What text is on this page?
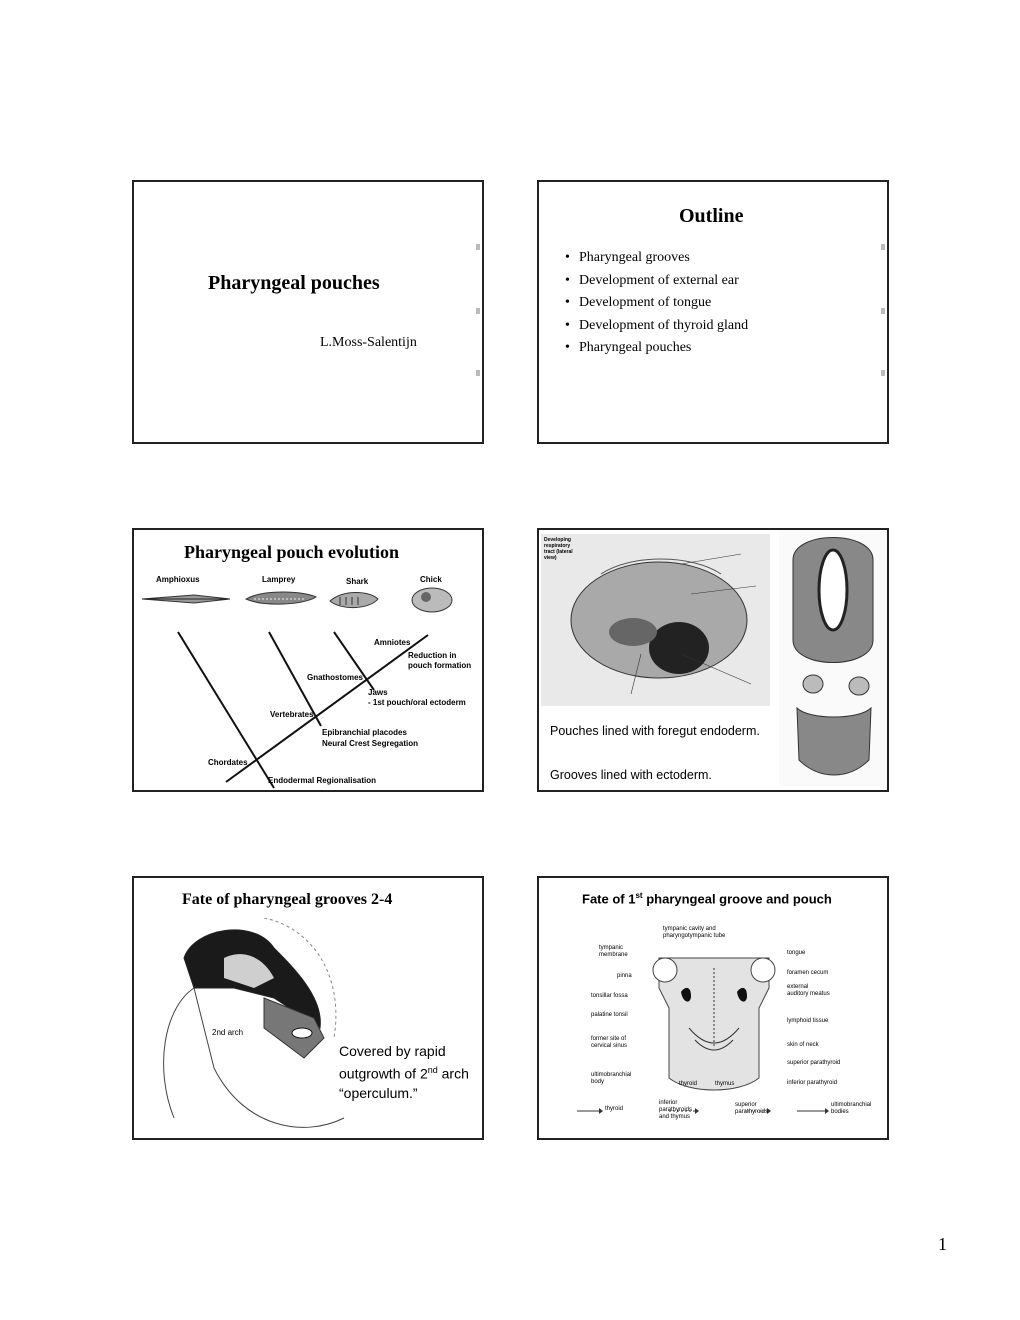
Pharyngeal pouches
L.Moss-Salentijn
Outline
• Pharyngeal grooves
• Development of external ear
• Development of tongue
• Development of thyroid gland
• Pharyngeal pouches
Pharyngeal pouch evolution
Amphioxus	Lamprey	Shark	Chick
Amniotes
Reduction in pouch formation
Gnathostomes
Jaws
- 1st pouch/oral ectoderm
Vertebrates
Epibranchial placodes
Neural Crest Segregation
Chordates
Endodermal Regionalisation
Developing respiratory tract (lateral view)
Pouches lined with foregut endoderm.
Grooves lined with ectoderm.
Fate of pharyngeal grooves 2-4
2nd arch
Covered by rapid outgrowth of 2nd arch “operculum.”
Fate of 1st pharyngeal groove and pouch
tympanic cavity and pharyngotympanic tube
tympanic membrane
pinna
tonsillar fossa
palatine tonsil
former site of cervical sinus
ultimobranchial body
tongue
foramen cecum
external auditory meatus
lymphoid tissue
skin of neck
superior parathyroid
inferior parathyroid
thyroid	thymus
thyroid
inferior parathyroids and thymus
superior parathyroids
ultimobranchial bodies
1
